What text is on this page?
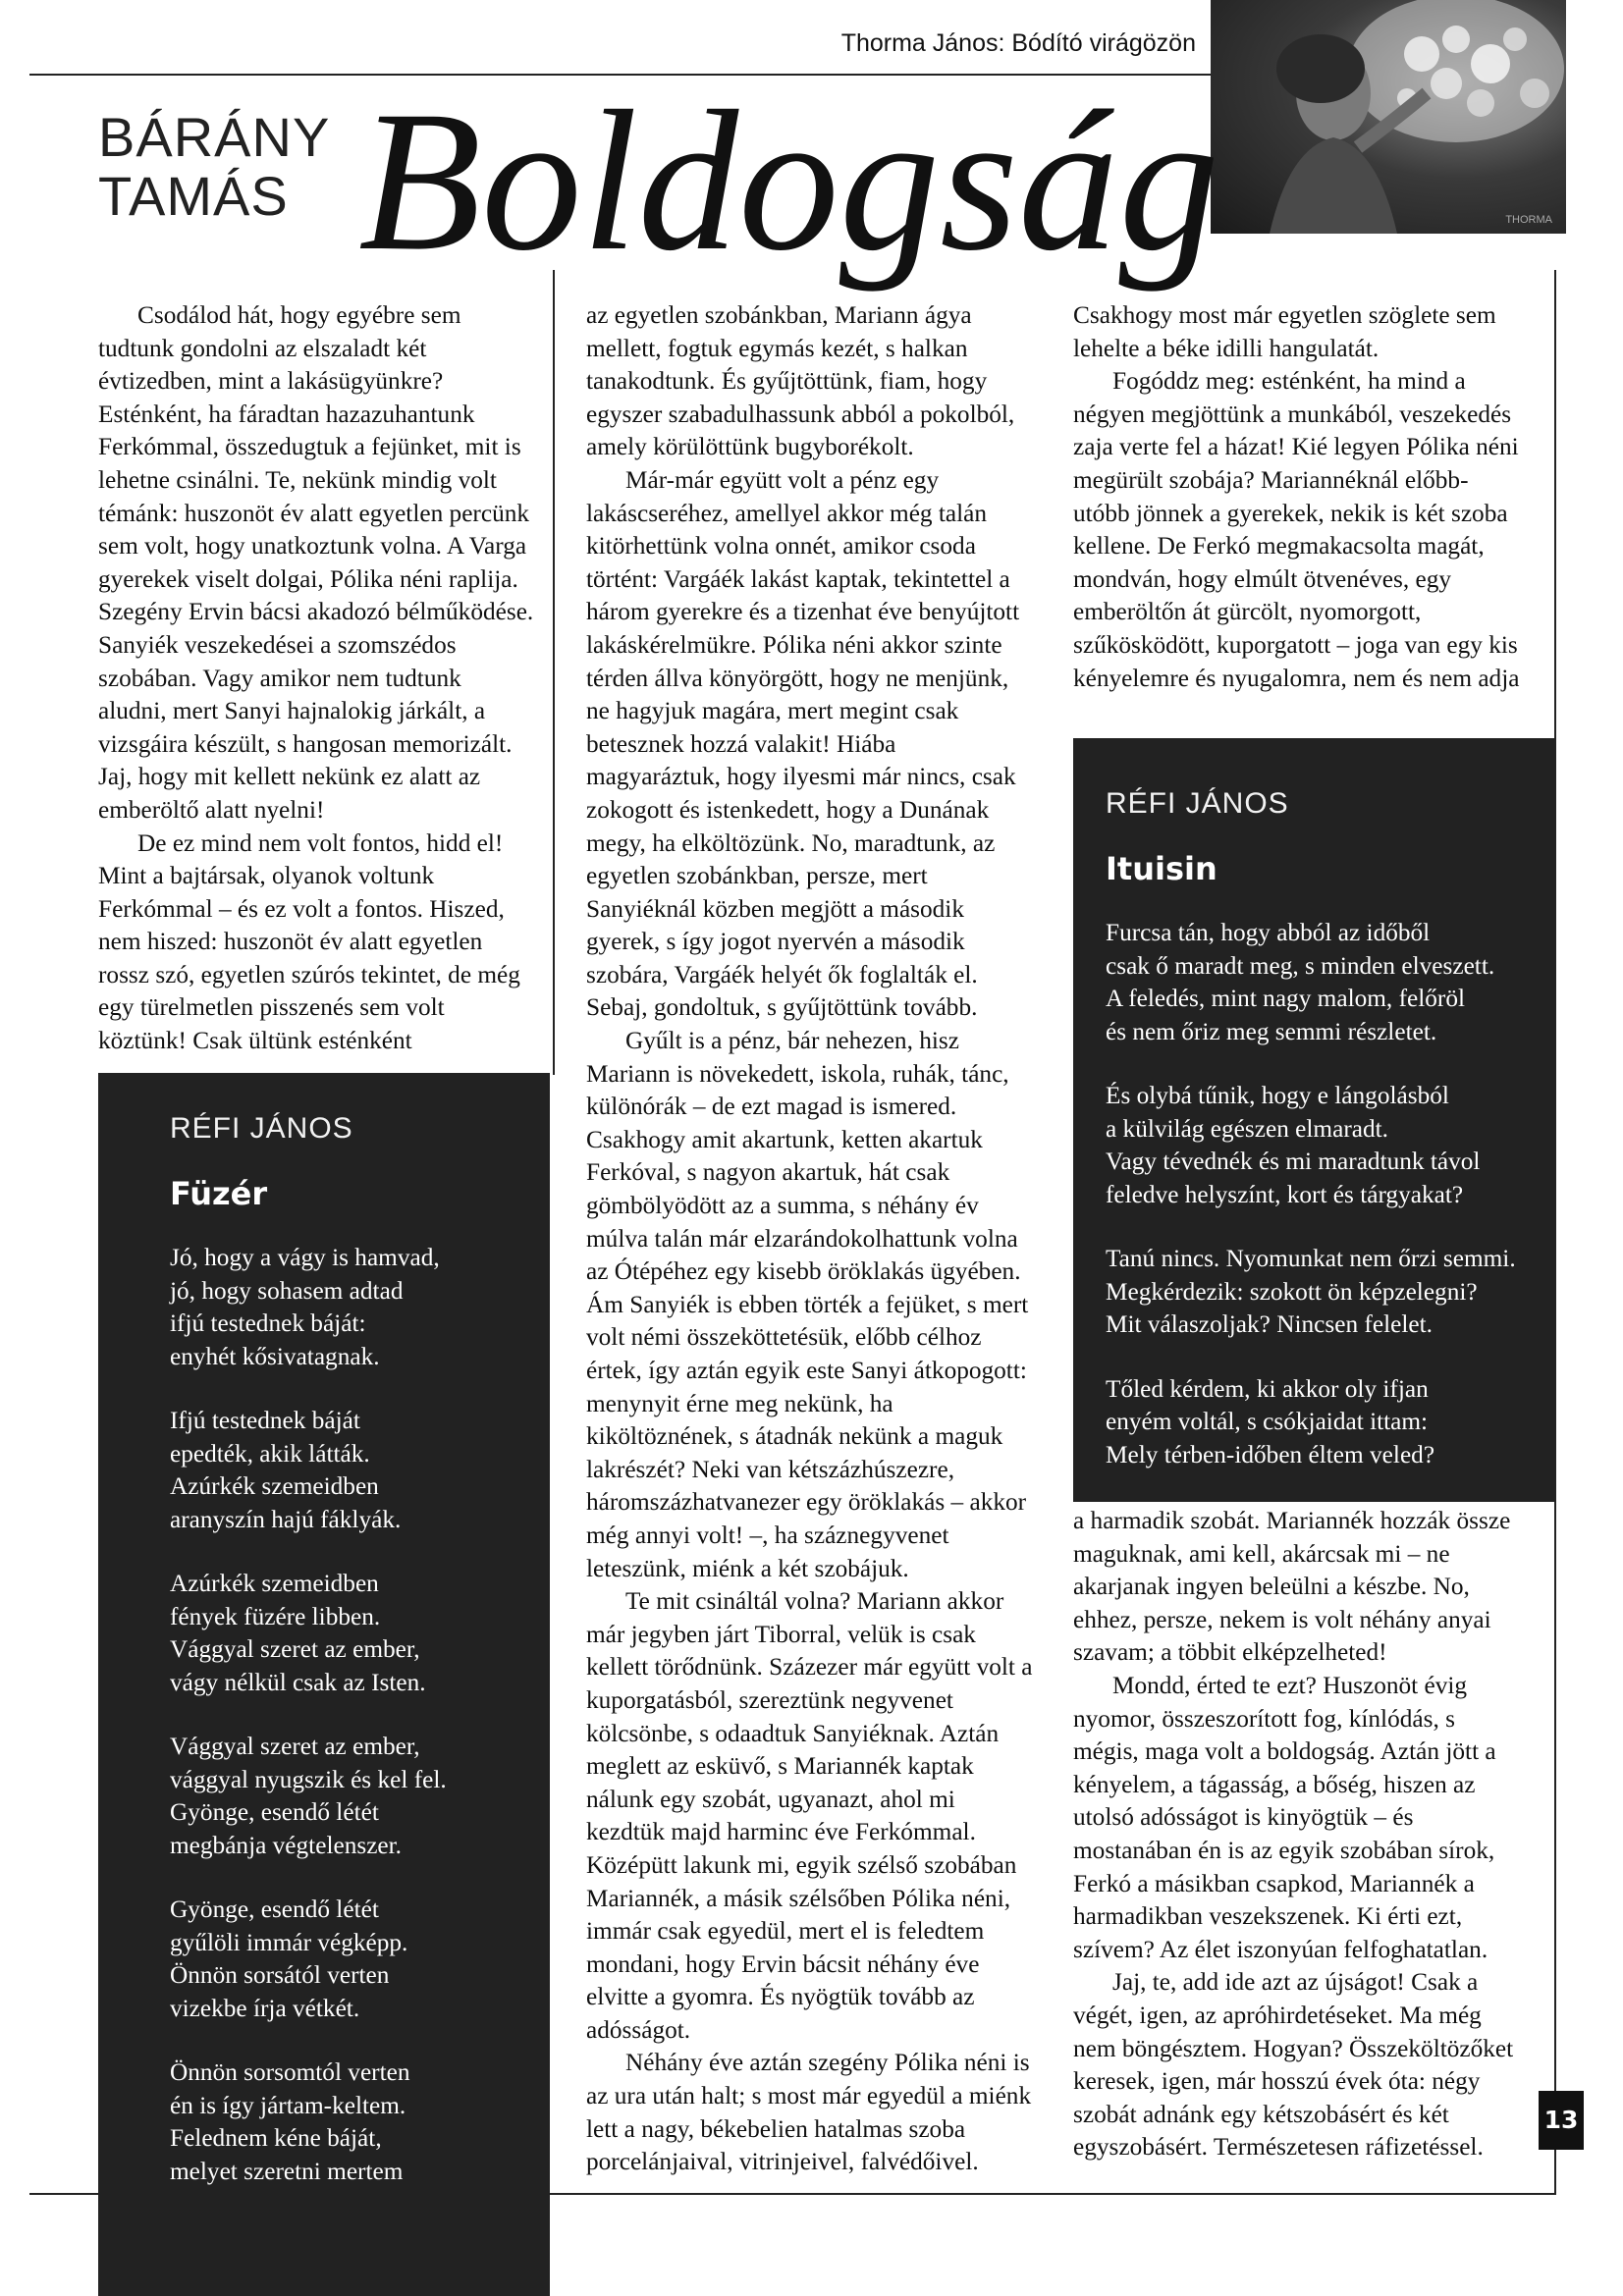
Thorma János: Bódító virágözön
THORMA
BÁRÁNY
TAMÁS Boldogság

Csodálod hát, hogy egyébre sem tudtunk gondolni az elszaladt két évtizedben, mint a lakásügyünkre? Esténként, ha fáradtan hazazuhantunk Ferkómmal, összedugtuk a fejünket, mit is lehetne csinálni. Te, nekünk mindig volt témánk: huszonöt év alatt egyetlen percünk sem volt, hogy unatkoztunk volna. A Varga gyerekek viselt dolgai, Pólika néni raplija. Szegény Ervin bácsi akadozó bélműködése. Sanyiék veszekedései a szomszédos szobában. Vagy amikor nem tudtunk aludni, mert Sanyi hajnalokig járkált, a vizsgáira készült, s hangosan memorizált. Jaj, hogy mit kellett nekünk ez alatt az emberöltő alatt nyelni!

De ez mind nem volt fontos, hidd el! Mint a bajtársak, olyanok voltunk Ferkómmal – és ez volt a fontos. Hiszed, nem hiszed: huszonöt év alatt egyetlen rossz szó, egyetlen szúrós tekintet, de még egy türelmetlen pisszenés sem volt köztünk! Csak ültünk esténként

az egyetlen szobánkban, Mariann ágya mellett, fogtuk egymás kezét, s halkan tanakodtunk. És gyűjtöttünk, fiam, hogy egyszer szabadulhassunk abból a pokolból, amely körülöttünk bugyborékolt.

Már-már együtt volt a pénz egy lakáscseréhez, amellyel akkor még talán kitörhettünk volna onnét, amikor csoda történt: Vargáék lakást kaptak, tekintettel a három gyerekre és a tizenhat éve benyújtott lakáskérelmükre. Pólika néni akkor szinte térden állva könyörgött, hogy ne menjünk, ne hagyjuk magára, mert megint csak betesznek hozzá valakit! Hiába magyaráztuk, hogy ilyesmi már nincs, csak zokogott és istenkedett, hogy a Dunának megy, ha elköltözünk. No, maradtunk, az egyetlen szobánkban, persze, mert Sanyiéknál közben megjött a második gyerek, s így jogot nyervén a második szobára, Vargáék helyét ők foglalták el. Sebaj, gondoltuk, s gyűjtöttünk tovább.

Gyűlt is a pénz, bár nehezen, hisz Mariann is növekedett, iskola, ruhák, tánc, különórák – de ezt magad is ismered. Csakhogy amit akartunk, ketten akartuk Ferkóval, s nagyon akartuk, hát csak gömbölyödött az a summa, s néhány év múlva talán már elzarándokolhattunk volna az Ótépéhez egy kisebb öröklakás ügyében. Ám Sanyiék is ebben törték a fejüket, s mert volt némi összeköttetésük, előbb célhoz értek, így aztán egyik este Sanyi átkopogott: menynyit érne meg nekünk, ha kiköltöznének, s átadnák nekünk a maguk lakrészét? Neki van kétszázhúszezre, háromszázhatvanezer egy öröklakás – akkor még annyi volt! –, ha száznegyvenet leteszünk, miénk a két szobájuk.

Te mit csináltál volna? Mariann akkor már jegyben járt Tiborral, velük is csak kellett törődnünk. Százezer már együtt volt a kuporgatásból, szereztünk negyvenet kölcsönbe, s odaadtuk Sanyiéknak. Aztán meglett az esküvő, s Mariannék kaptak nálunk egy szobát, ugyanazt, ahol mi kezdtük majd harminc éve Ferkómmal. Középütt lakunk mi, egyik szélső szobában Mariannék, a másik szélsőben Pólika néni, immár csak egyedül, mert el is feledtem mondani, hogy Ervin bácsit néhány éve elvitte a gyomra. És nyögtük tovább az adósságot.

Néhány éve aztán szegény Pólika néni is az ura után halt; s most már egyedül a miénk lett a nagy, békebelien hatalmas szoba porcelánjaival, vitrinjeivel, falvédőivel.

Csakhogy most már egyetlen szöglete sem lehelte a béke idilli hangulatát.

Fogóddz meg: esténként, ha mind a négyen megjöttünk a munkából, veszekedés zaja verte fel a házat! Kié legyen Pólika néni megürült szobája? Mariannéknál előbb-utóbb jönnek a gyerekek, nekik is két szoba kellene. De Ferkó megmakacsolta magát, mondván, hogy elmúlt ötvenéves, egy emberöltőn át gürcölt, nyomorgott, szűkösködött, kuporgatott – joga van egy kis kényelemre és nyugalomra, nem és nem adja

a harmadik szobát. Mariannék hozzák össze maguknak, ami kell, akárcsak mi – ne akarjanak ingyen beleülni a készbe. No, ehhez, persze, nekem is volt néhány anyai szavam; a többit elképzelheted!

Mondd, érted te ezt? Huszonöt évig nyomor, összeszorított fog, kínlódás, s mégis, maga volt a boldogság. Aztán jött a kényelem, a tágasság, a bőség, hiszen az utolsó adósságot is kinyögtük – és mostanában én is az egyik szobában sírok, Ferkó a másikban csapkod, Mariannék a harmadikban veszekszenek. Ki érti ezt, szívem? Az élet iszonyúan felfoghatatlan.

Jaj, te, add ide azt az újságot! Csak a végét, igen, az apróhirdetéseket. Ma még nem böngésztem. Hogyan? Összeköltözőket keresek, igen, már hosszú évek óta: négy szobát adnánk egy kétszobásért és két egyszobásért. Természetesen ráfizetéssel.

RÉFI JÁNOS
Füzér
Jó, hogy a vágy is hamvad,
jó, hogy sohasem adtad
ifjú testednek báját:
enyhét kősivatagnak.
Ifjú testednek báját
epedték, akik látták.
Azúrkék szemeidben
aranyszín hajú fáklyák.
Azúrkék szemeidben
fények füzére libben.
Vággyal szeret az ember,
vágy nélkül csak az Isten.
Vággyal szeret az ember,
vággyal nyugszik és kel fel.
Gyönge, esendő létét
megbánja végtelenszer.
Gyönge, esendő létét
gyűlöli immár végképp.
Önnön sorsától verten
vizekbe írja vétkét.
Önnön sorsomtól verten
én is így jártam-keltem.
Felednem kéne báját,
melyet szeretni mertem
RÉFI JÁNOS
Ituisin
Furcsa tán, hogy abból az időből
csak ő maradt meg, s minden elveszett.
A feledés, mint nagy malom, felőröl
és nem őriz meg semmi részletet.
És olybá tűnik, hogy e lángolásból
a külvilág egészen elmaradt.
Vagy tévednék és mi maradtunk távol
feledve helyszínt, kort és tárgyakat?
Tanú nincs. Nyomunkat nem őrzi semmi.
Megkérdezik: szokott ön képzelegni?
Mit válaszoljak? Nincsen felelet.
Tőled kérdem, ki akkor oly ifjan
enyém voltál, s csókjaidat ittam:
Mely térben-időben éltem veled?
13
